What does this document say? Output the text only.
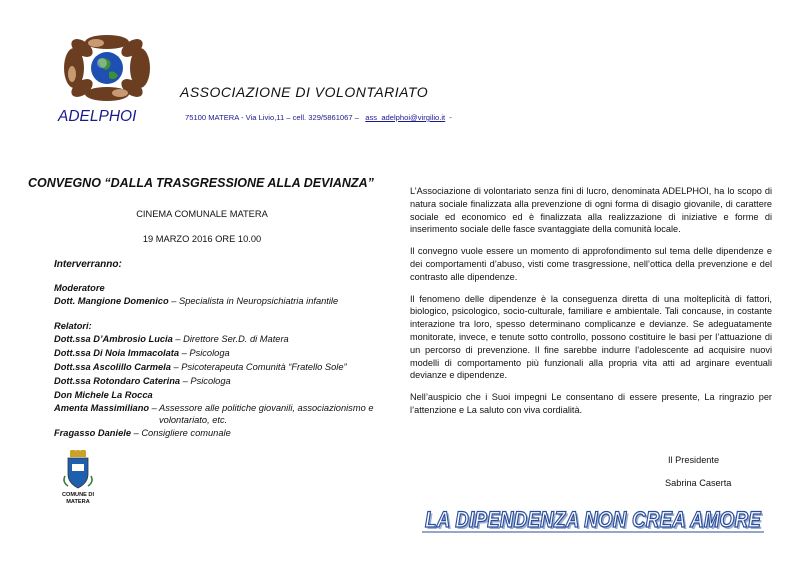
ASSOCIAZIONE DI VOLONTARIATO
ADELPHOI	75100 MATERA - Via Livio,11 – cell. 329/5861067 – ass_adelphoi@virgilio.it -
CONVEGNO “DALLA TRASGRESSIONE ALLA DEVIANZA”
CINEMA COMUNALE MATERA
19 MARZO 2016 ORE 10.00
Interverranno:
Moderatore
Dott. Mangione Domenico – Specialista in Neuropsichiatria infantile
Relatori:
Dott.ssa D’Ambrosio Lucia – Direttore Ser.D. di Matera
Dott.ssa Di Noia Immacolata – Psicologa
Dott.ssa Ascolillo Carmela – Psicoterapeuta Comunità “Fratello Sole”
Dott.ssa Rotondaro Caterina – Psicologa
Don Michele La Rocca
Amenta Massimiliano – Assessore alle politiche giovanili, associazionismo e
volontariato, etc.
Fragasso Daniele – Consigliere comunale
COMUNE DI
MATERA

L’Associazione di volontariato senza fini di lucro, denominata ADELPHOI, ha lo scopo di natura sociale finalizzata alla prevenzione di ogni forma di disagio giovanile, di carattere sociale ed economico ed è finalizzata alla realizzazione di iniziative e forme di inserimento sociale delle fasce svantaggiate della comunità locale.

Il convegno vuole essere un momento di approfondimento sul tema delle dipendenze e dei comportamenti d’abuso, visti come trasgressione, nell’ottica della prevenzione e del contrasto alle dipendenze.

Il fenomeno delle dipendenze è la conseguenza diretta di una molteplicità di fattori, biologico, psicologico, socio-culturale, familiare e ambientale. Tali concause, in costante interazione tra loro, spesso determinano complicanze e devianze. Se adeguatamente monitorate, invece, e tenute sotto controllo, possono costituire le basi per l’attuazione di un percorso di prevenzione. Il fine sarebbe indurre l’adolescente ad acquisire nuovi modelli di comportamento più funzionali alla propria vita atti ad arginare eventuali devianze e dipendenze.

Nell’auspicio che i Suoi impegni Le consentano di essere presente, La ringrazio per l’attenzione e La saluto con viva cordialità.

Il Presidente
Sabrina Caserta
LA DIPENDENZA NON CREA AMORE
LA DIPENDENZA NON CREA AMORE
